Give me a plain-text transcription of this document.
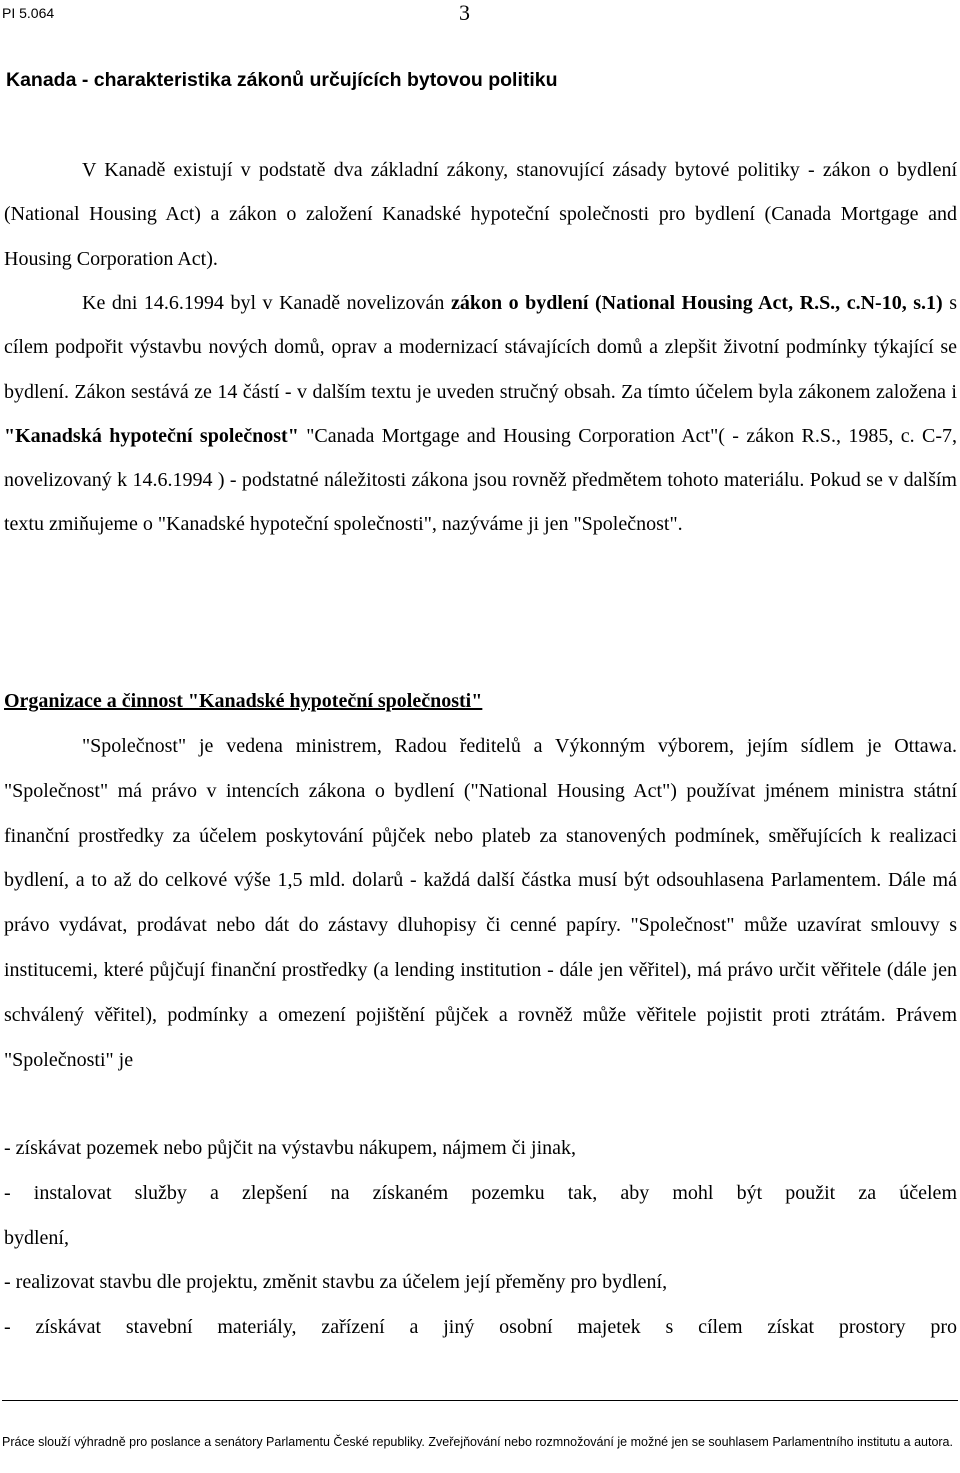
PI 5.064	3
Kanada - charakteristika zákonů určujících bytovou politiku

V Kanadě existují v podstatě dva základní zákony, stanovující zásady bytové politiky - zákon o bydlení (National Housing Act) a zákon o založení Kanadské hypoteční společnosti pro bydlení (Canada Mortgage and Housing Corporation Act).

Ke dni 14.6.1994 byl v Kanadě novelizován zákon o bydlení (National Housing Act, R.S., c.N-10, s.1) s cílem podpořit výstavbu nových domů, oprav a modernizací stávajících domů a zlepšit životní podmínky týkající se bydlení. Zákon sestává ze 14 částí - v dalším textu je uveden stručný obsah. Za tímto účelem byla zákonem založena i "Kanadská hypoteční společnost" "Canada Mortgage and Housing Corporation Act"( - zákon R.S., 1985, c. C-7, novelizovaný k 14.6.1994 ) - podstatné náležitosti zákona jsou rovněž předmětem tohoto materiálu. Pokud se v dalším textu zmiňujeme o "Kanadské hypoteční společnosti", nazýváme ji jen "Společnost".

Organizace a činnost "Kanadské hypoteční společnosti"

"Společnost" je vedena ministrem, Radou ředitelů a Výkonným výborem, jejím sídlem je Ottawa. "Společnost" má právo v intencích zákona o bydlení ("National Housing Act") používat jménem ministra státní finanční prostředky za účelem poskytování půjček nebo plateb za stanovených podmínek, směřujících k realizaci bydlení, a to až do celkové výše 1,5 mld. dolarů - každá další částka musí být odsouhlasena Parlamentem. Dále má právo vydávat, prodávat nebo dát do zástavy dluhopisy či cenné papíry. "Společnost" může uzavírat smlouvy s institucemi, které půjčují finanční prostředky (a lending institution - dále jen věřitel), má právo určit věřitele (dále jen schválený věřitel), podmínky a omezení pojištění půjček a rovněž může věřitele pojistit proti ztrátám. Právem "Společnosti" je

- získávat pozemek nebo půjčit na výstavbu nákupem, nájmem či jinak,
- instalovat služby a zlepšení na získaném pozemku tak, aby mohl být použit za účelem
bydlení,
- realizovat stavbu dle projektu, změnit stavbu za účelem její přeměny pro bydlení,
- získávat stavební materiály, zařízení a jiný osobní majetek s cílem získat prostory pro

Práce slouží výhradně pro poslance a senátory Parlamentu České republiky. Zveřejňování nebo rozmnožování je možné jen se souhlasem Parlamentního institutu a autora.
